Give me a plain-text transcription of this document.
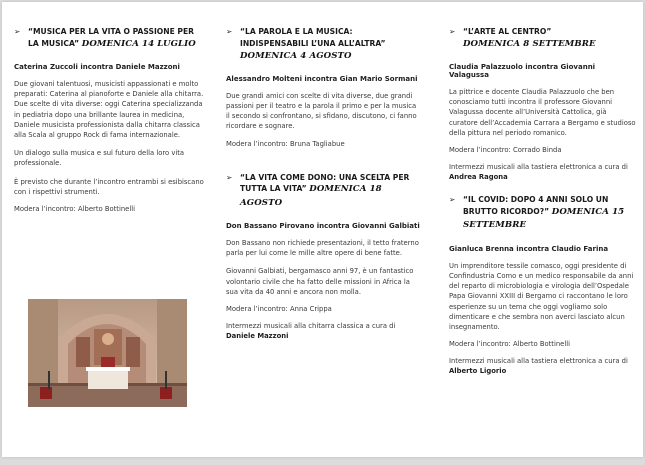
➢ “MUSICA PER LA VITA O PASSIONE PER LA MUSICA” DOMENICA 14 LUGLIO
Caterina Zuccoli incontra Daniele Mazzoni

Due giovani talentuosi, musicisti appassionati e molto preparati: Caterina al pianoforte e Daniele alla chitarra. Due scelte di vita diverse: oggi Caterina specializzanda in pediatria dopo una brillante laurea in medicina, Daniele musicista professionista dalla chitarra classica alla Scala al gruppo Rock di fama internazionale.

Un dialogo sulla musica e sul futuro della loro vita professionale.

È previsto che durante l’incontro entrambi si esibiscano con i rispettivi strumenti.

Modera l’incontro: Alberto Bottinelli
➢ “LA PAROLA E LA MUSICA: INDISPENSABILI L’UNA ALL’ALTRA” DOMENICA 4 AGOSTO
Alessandro Molteni incontra Gian Mario Sormani

Due grandi amici con scelte di vita diverse, due grandi passioni per il teatro e la parola il primo e per la musica il secondo si confrontano, si sfidano, discutono, ci fanno ricordare e sognare.

Modera l’incontro: Bruna Tagliabue
➢ “LA VITA COME DONO: UNA SCELTA PER TUTTA LA VITA” DOMENICA 18 AGOSTO
Don Bassano Pirovano incontra Giovanni Galbiati

Don Bassano non richiede presentazioni, il tetto fraterno parla per lui come le mille altre opere di bene fatte.

Giovanni Galbiati, bergamasco anni 97, è un fantastico volontario civile che ha fatto delle missioni in Africa la sua vita da 40 anni e ancora non molla.

Modera l’incontro: Anna Crippa
Intermezzi musicali alla chitarra classica a cura di
Daniele Mazzoni
➢ “L’ARTE AL CENTRO”
DOMENICA 8 SETTEMBRE
Claudia Palazzuolo incontra Giovanni Valagussa

La pittrice e docente Claudia Palazzuolo che ben conosciamo tutti incontra il professore Giovanni Valagussa docente all’Università Cattolica, già curatore dell’Accademia Carrara a Bergamo e studioso della pittura nel periodo romanico.

Modera l’incontro: Corrado Binda
Intermezzi musicali alla tastiera elettronica a cura di
Andrea Ragona
➢ “IL COVID: DOPO 4 ANNI SOLO UN BRUTTO RICORDO?” DOMENICA 15 SETTEMBRE
Gianluca Brenna incontra Claudio Farina

Un imprenditore tessile comasco, oggi presidente di Confindustria Como e un medico responsabile da anni del reparto di microbiologia e virologia dell’Ospedale Papa Giovanni XXIII di Bergamo ci raccontano le loro esperienze su un tema che oggi vogliamo solo dimenticare e che sembra non averci lasciato alcun insegnamento.

Modera l’incontro: Alberto Bottinelli
Intermezzi musicali alla tastiera elettronica a cura di
Alberto Ligorio
